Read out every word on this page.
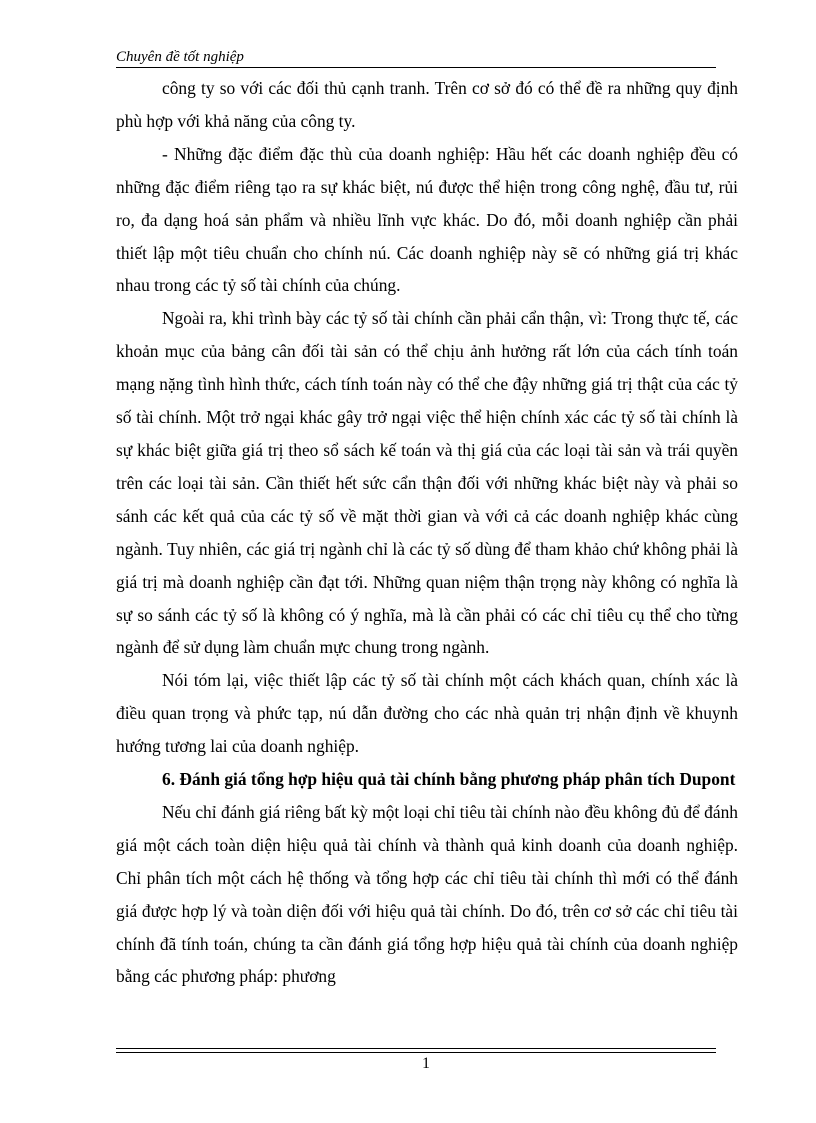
Chuyên đề tốt nghiệp

công ty so với các đối thủ cạnh tranh. Trên cơ sở đó có thể đề ra những quy định phù hợp với khả năng của công ty.

- Những đặc điểm đặc thù của doanh nghiệp: Hầu hết các doanh nghiệp đều có những đặc điểm riêng tạo ra sự khác biệt, nú được thể hiện trong công nghệ, đầu tư, rủi ro, đa dạng hoá sản phẩm và nhiều lĩnh vực khác. Do đó, mỗi doanh nghiệp cần phải thiết lập một tiêu chuẩn cho chính nú. Các doanh nghiệp này sẽ có những giá trị khác nhau trong các tỷ số tài chính của chúng.

Ngoài ra, khi trình bày các tỷ số tài chính cần phải cẩn thận, vì: Trong thực tế, các khoản mục của bảng cân đối tài sản có thể chịu ảnh hưởng rất lớn của cách tính toán mạng nặng tình hình thức, cách tính toán này có thể che đậy những giá trị thật của các tỷ số tài chính. Một trở ngại khác gây trở ngại việc thể hiện chính xác các tỷ số tài chính là sự khác biệt giữa giá trị theo sổ sách kế toán và thị giá của các loại tài sản và trái quyền trên các loại tài sản. Cần thiết hết sức cẩn thận đối với những khác biệt này và phải so sánh các kết quả của các tỷ số về mặt thời gian và với cả các doanh nghiệp khác cùng ngành. Tuy nhiên, các giá trị ngành chỉ là các tỷ số dùng để tham khảo chứ không phải là giá trị mà doanh nghiệp cần đạt tới. Những quan niệm thận trọng này không có nghĩa là sự so sánh các tỷ số là không có ý nghĩa, mà là cần phải có các chỉ tiêu cụ thể cho từng ngành để sử dụng làm chuẩn mực chung trong ngành.

Nói tóm lại, việc thiết lập các tỷ số tài chính một cách khách quan, chính xác là điều quan trọng và phức tạp, nú dẫn đường cho các nhà quản trị nhận định về khuynh hướng tương lai của doanh nghiệp.

6. Đánh giá tổng hợp hiệu quả tài chính bằng phương pháp phân tích Dupont

Nếu chỉ đánh giá riêng bất kỳ một loại chỉ tiêu tài chính nào đều không đủ để đánh giá một cách toàn diện hiệu quả tài chính và thành quả kinh doanh của doanh nghiệp. Chỉ phân tích một cách hệ thống và tổng hợp các chỉ tiêu tài chính thì mới có thể đánh giá được hợp lý và toàn diện đối với hiệu quả tài chính. Do đó, trên cơ sở các chỉ tiêu tài chính đã tính toán, chúng ta cần đánh giá tổng hợp hiệu quả tài chính của doanh nghiệp bằng các phương pháp: phương

1
